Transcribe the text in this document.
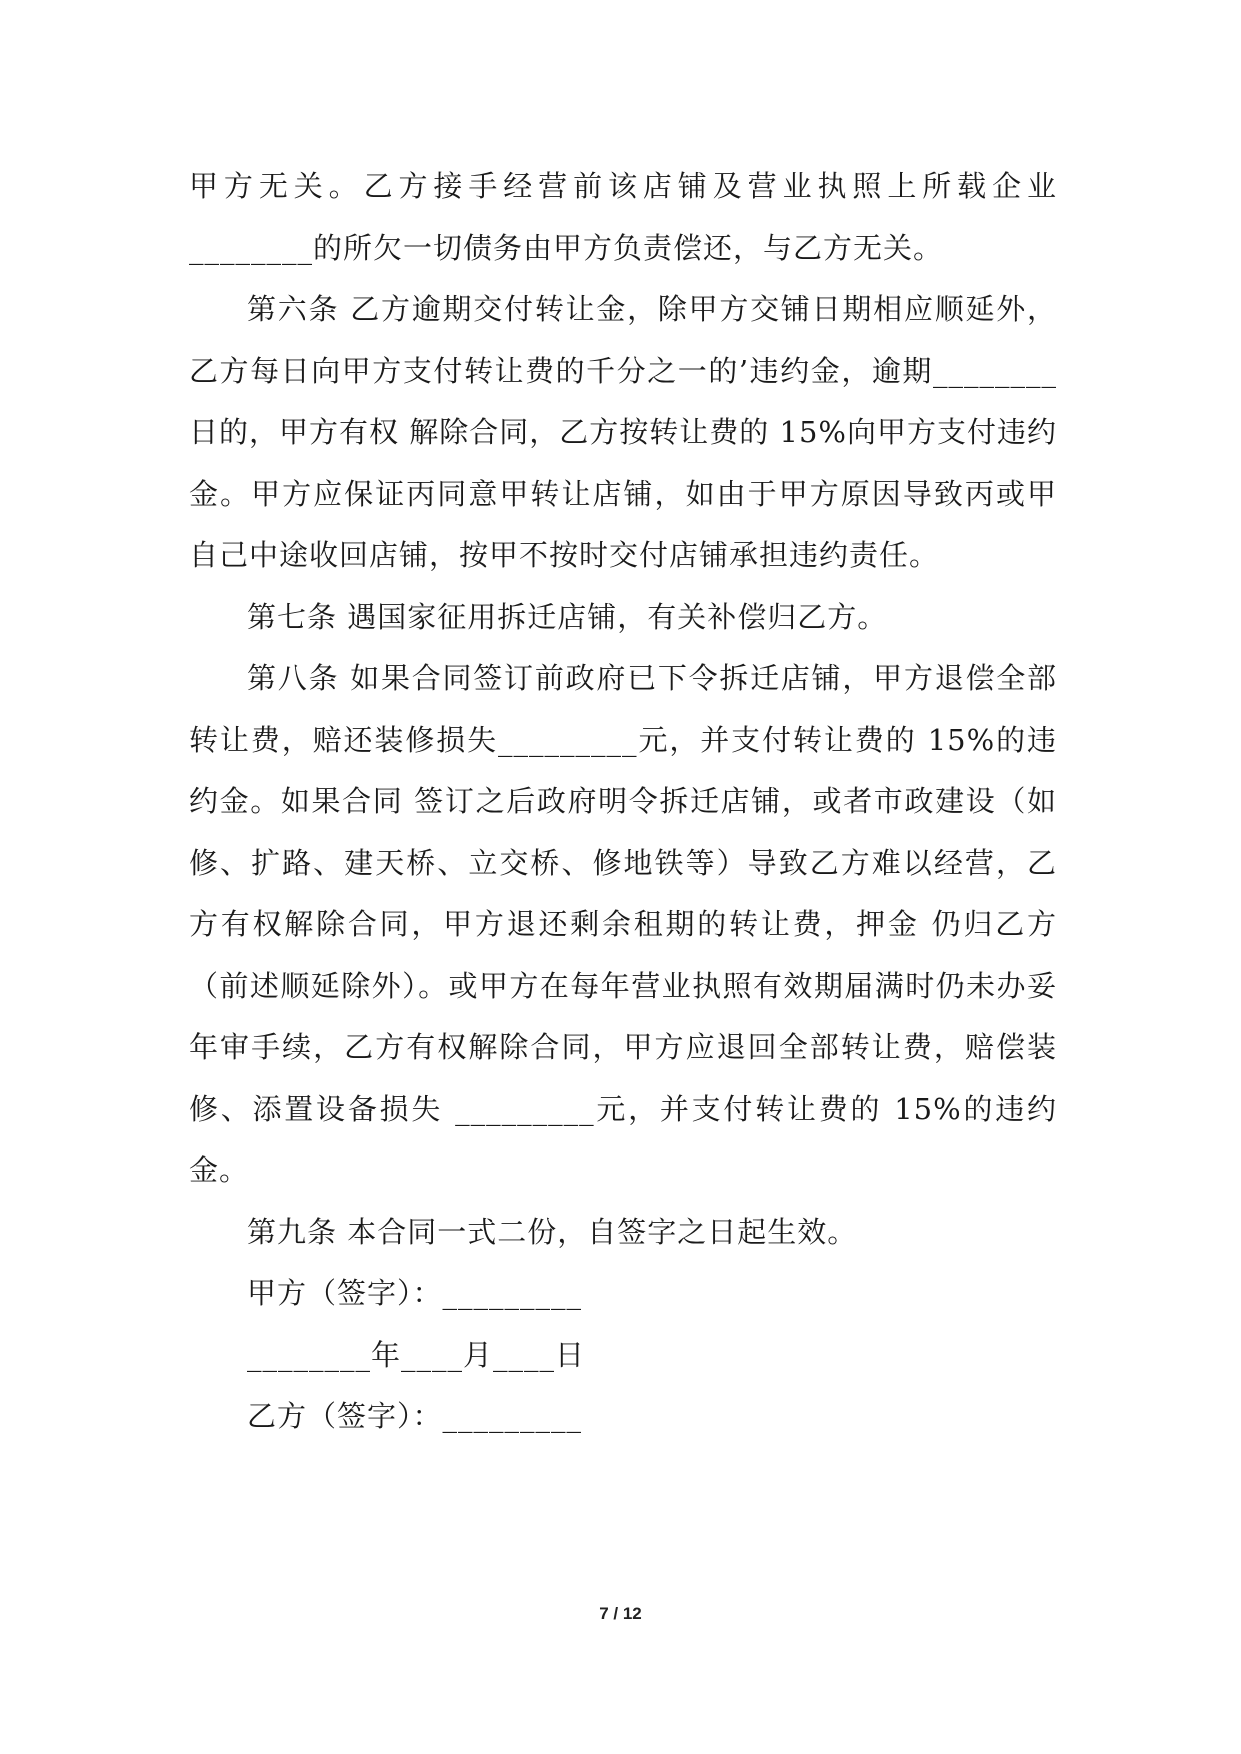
甲方无关。乙方接手经营前该店铺及营业执照上所载企业________的所欠一切债务由甲方负责偿还，与乙方无关。

第六条 乙方逾期交付转让金，除甲方交铺日期相应顺延外，乙方每日向甲方支付转让费的千分之一的’违约金，逾期________日的，甲方有权 解除合同，乙方按转让费的 15%向甲方支付违约金。甲方应保证丙同意甲转让店铺，如由于甲方原因导致丙或甲自己中途收回店铺，按甲不按时交付店铺承担违约责任。

第七条 遇国家征用拆迁店铺，有关补偿归乙方。

第八条 如果合同签订前政府已下令拆迁店铺，甲方退偿全部转让费，赔还装修损失_________元，并支付转让费的 15%的违约金。如果合同 签订之后政府明令拆迁店铺，或者市政建设（如修、扩路、建天桥、立交桥、修地铁等）导致乙方难以经营，乙方有权解除合同，甲方退还剩余租期的转让费，押金 仍归乙方（前述顺延除外）。或甲方在每年营业执照有效期届满时仍未办妥年审手续，乙方有权解除合同，甲方应退回全部转让费，赔偿装修、添置设备损失 _________元，并支付转让费的 15%的违约金。

第九条 本合同一式二份，自签字之日起生效。

甲方（签字）：_________

________年____月____日

乙方（签字）：_________

7 / 12
